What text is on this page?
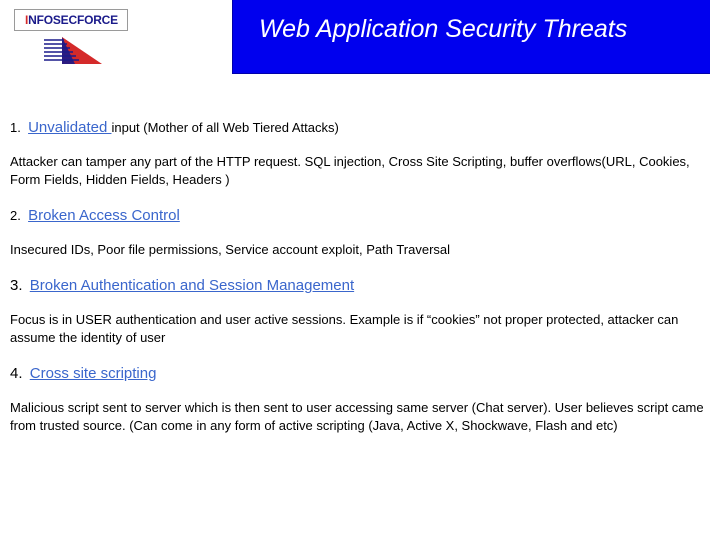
INFOSECFORCE	Web Application Security Threats

1. Unvalidated input (Mother of all Web Tiered Attacks)

Attacker can tamper any part of the HTTP request. SQL injection, Cross Site Scripting, buffer overflows(URL, Cookies, Form Fields, Hidden Fields, Headers )

2. Broken Access Control

Insecured IDs, Poor file permissions, Service account exploit, Path Traversal

3. Broken Authentication and Session Management

Focus is in USER authentication and user active sessions. Example is if “cookies” not proper protected, attacker can assume the identity of user

4. Cross site scripting

Malicious script sent to server which is then sent to user accessing same server (Chat server). User believes script came from trusted source. (Can come in any form of active scripting (Java, Active X, Shockwave, Flash and etc)
